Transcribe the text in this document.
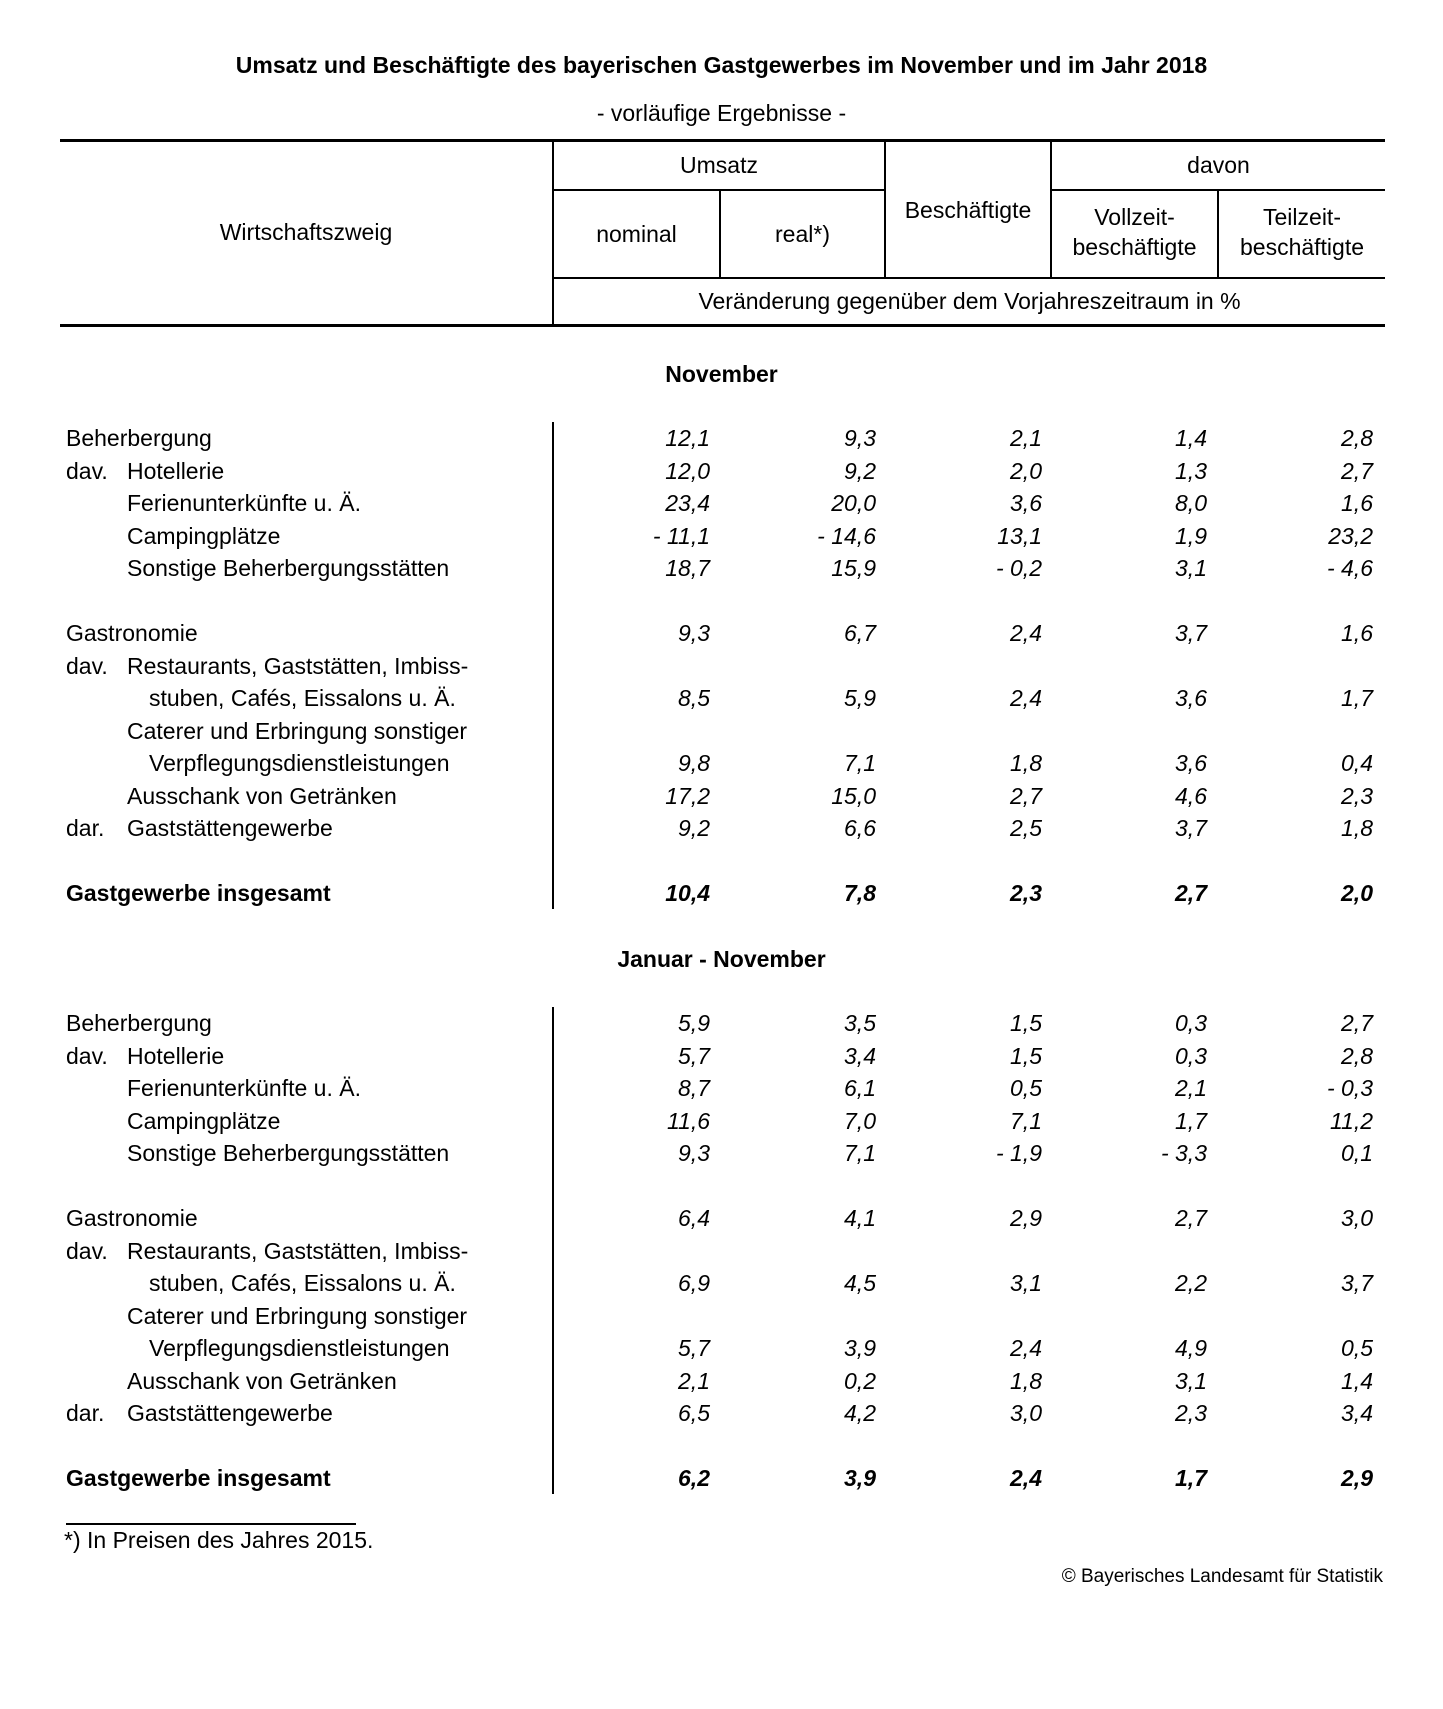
Umsatz und Beschäftigte des bayerischen Gastgewerbes im November und im Jahr 2018
- vorläufige Ergebnisse -
Wirtschaftszweig
Umsatz
nominal	real*)
Beschäftigte
davon
Vollzeit-
beschäftigte
Teilzeit-
beschäftigte
Veränderung gegenüber dem Vorjahreszeitraum in %
November
Januar - November
Beherbergung	12,1	9,3	2,1	1,4	2,8
dav. Hotellerie	12,0	9,2	2,0	1,3	2,7
Ferienunterkünfte u. Ä.	23,4	20,0	3,6	8,0	1,6
Campingplätze	- 11,1	- 14,6	13,1	1,9	23,2
Sonstige Beherbergungsstätten	18,7	15,9	- 0,2	3,1	- 4,6
Gastronomie	9,3	6,7	2,4	3,7	1,6
dav. Restaurants, Gaststätten, Imbiss-
stuben, Cafés, Eissalons u. Ä.	8,5	5,9	2,4	3,6	1,7
Caterer und Erbringung sonstiger
Verpflegungsdienstleistungen	9,8	7,1	1,8	3,6	0,4
Ausschank von Getränken	17,2	15,0	2,7	4,6	2,3
dar. Gaststättengewerbe	9,2	6,6	2,5	3,7	1,8
Gastgewerbe insgesamt	10,4	7,8	2,3	2,7	2,0
Beherbergung	5,9	3,5	1,5	0,3	2,7
dav. Hotellerie	5,7	3,4	1,5	0,3	2,8
Ferienunterkünfte u. Ä.	8,7	6,1	0,5	2,1	- 0,3
Campingplätze	11,6	7,0	7,1	1,7	11,2
Sonstige Beherbergungsstätten	9,3	7,1	- 1,9	- 3,3	0,1
Gastronomie	6,4	4,1	2,9	2,7	3,0
dav. Restaurants, Gaststätten, Imbiss-
stuben, Cafés, Eissalons u. Ä.	6,9	4,5	3,1	2,2	3,7
Caterer und Erbringung sonstiger
Verpflegungsdienstleistungen	5,7	3,9	2,4	4,9	0,5
Ausschank von Getränken	2,1	0,2	1,8	3,1	1,4
dar. Gaststättengewerbe	6,5	4,2	3,0	2,3	3,4
Gastgewerbe insgesamt	6,2	3,9	2,4	1,7	2,9
*) In Preisen des Jahres 2015.
© Bayerisches Landesamt für Statistik
